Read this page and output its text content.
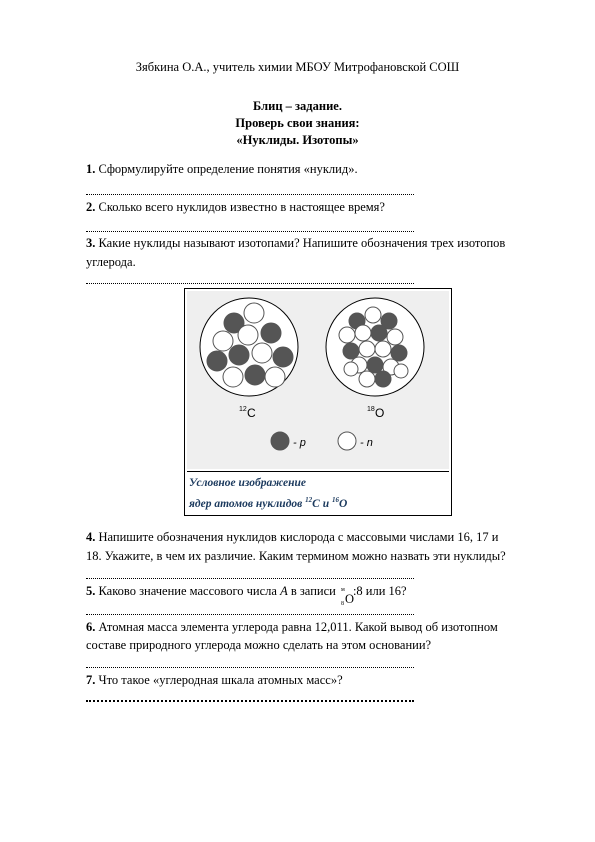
Зябкина О.А., учитель химии МБОУ Митрофановской СОШ
Блиц – задание.
Проверь свои знания:
«Нуклиды. Изотопы»
1. Сформулируйте определение понятия «нуклид».
2. Сколько всего нуклидов известно в настоящее время?
3. Какие нуклиды называют изотопами? Напишите обозначения трех изотопов
углерода.
12 C	18 O
- p	- n
Условное изображение
ядер атомов нуклидов $^{12}$C и $^{16}$O
4. Напишите обозначения нуклидов кислорода с массовыми числами 16, 17 и
18. Укажите, в чем их различие. Каким термином можно назвать эти нуклиды?
5. Каково значение массового числа A в записи м
8 O
:8 или 16?
6. Атомная масса элемента углерода равна 12,011. Какой вывод об изотопном
составе природного углерода можно сделать на этом основании?
7. Что такое «углеродная шкала атомных масс»?
